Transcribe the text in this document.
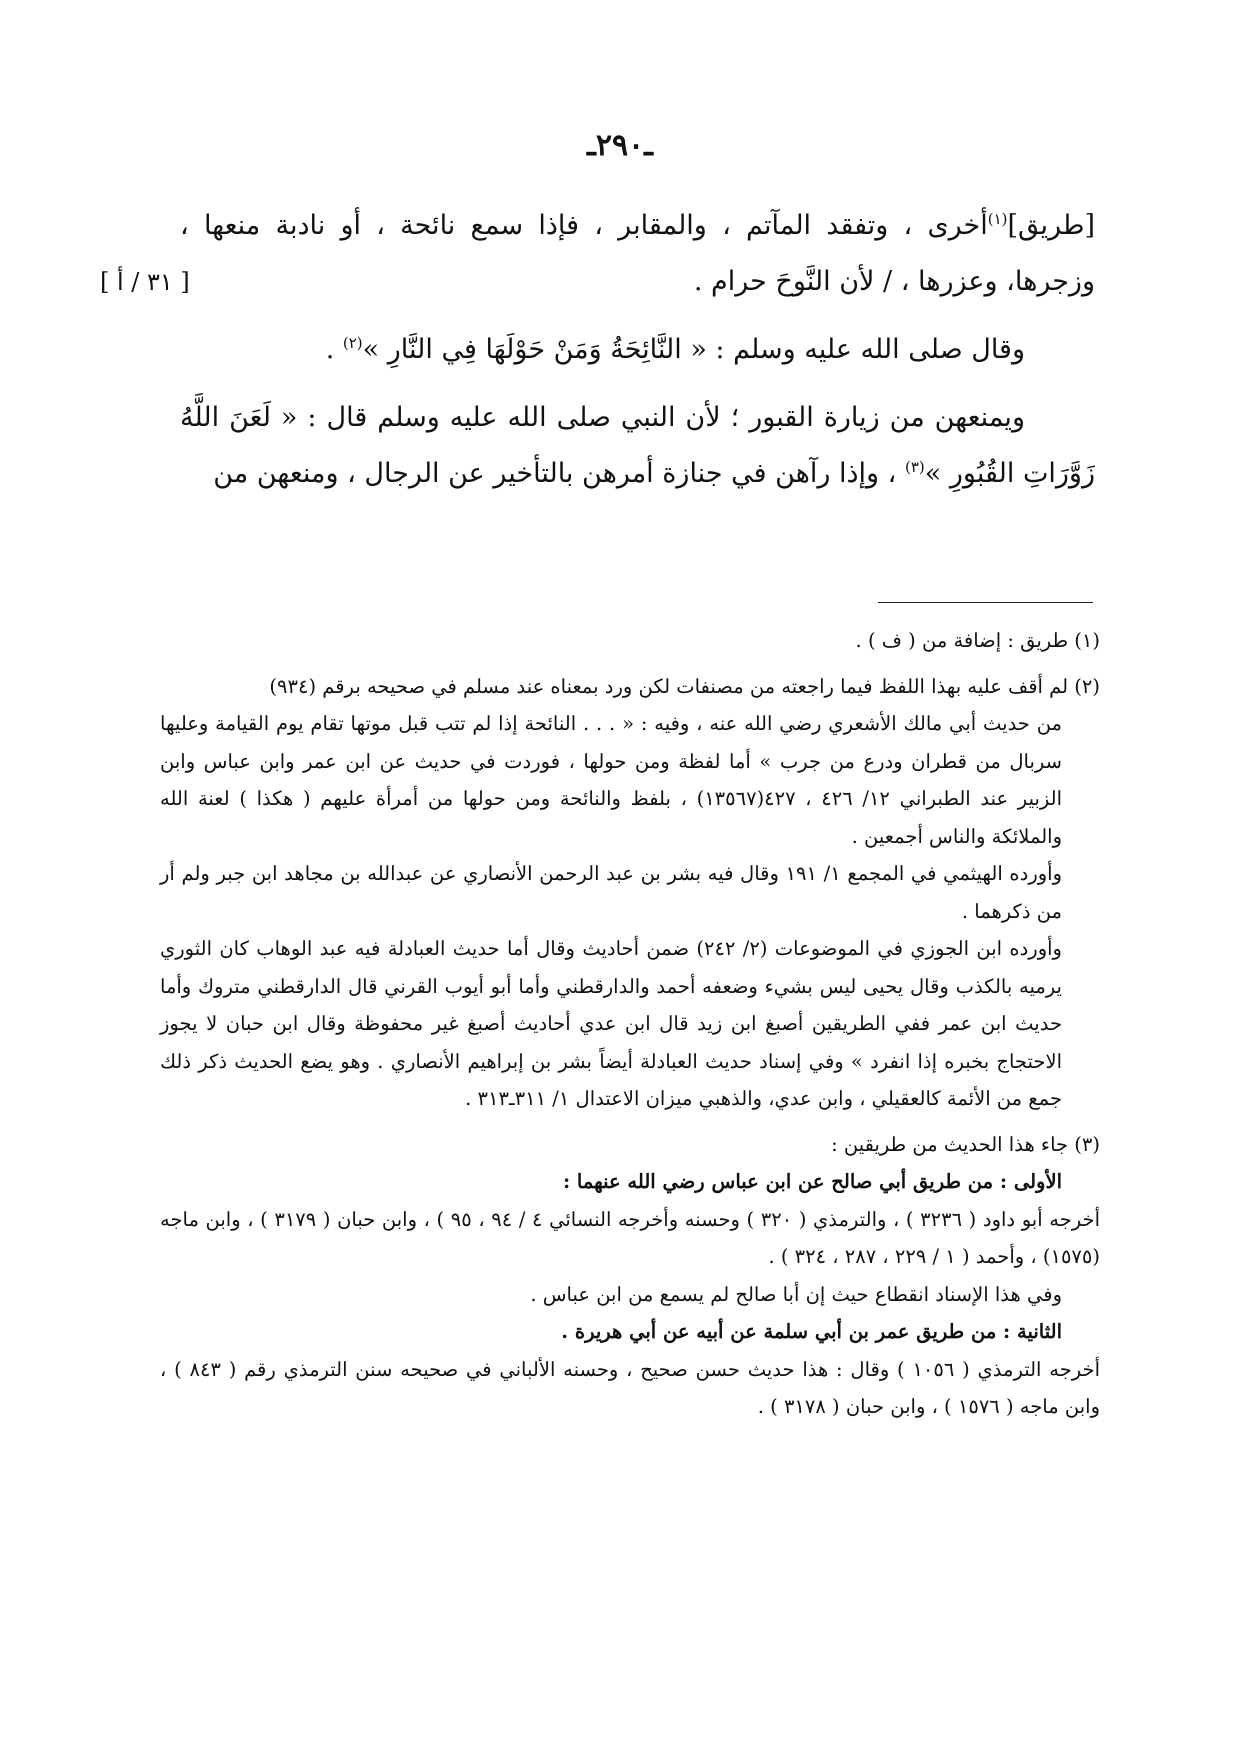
ـ٢٩٠ـ
[ ٣١ / أ ]

[طريق]$^{(١)}$أخرى ، وتفقد المآتم ، والمقابر ، فإذا سمع نائحة ، أو نادبة منعها ، وزجرها، وعزرها ، / لأن النَّوحَ حرام .

وقال صلى الله عليه وسلم : « النَّائِحَةُ وَمَنْ حَوْلَهَا فِي النَّارِ »$^{(٢)}$ .

ويمنعهن من زيارة القبور ؛ لأن النبي صلى الله عليه وسلم قال : « لَعَنَ اللَّهُ زَوَّرَاتِ القُبُورِ »$^{(٣)}$ ، وإذا رآهن في جنازة أمرهن بالتأخير عن الرجال ، ومنعهن من

(١) طريق : إضافة من ( ف ) .

(٢) لم أقف عليه بهذا اللفظ فيما راجعته من مصنفات لكن ورد بمعناه عند مسلم في صحيحه برقم (٩٣٤)

من حديث أبي مالك الأشعري رضي الله عنه ، وفيه : « . . . النائحة إذا لم تتب قبل موتها تقام يوم القيامة وعليها سربال من قطران ودرع من جرب » أما لفظة ومن حولها ، فوردت في حديث عن ابن عمر وابن عباس وابن الزبير عند الطبراني ١٢/ ٤٢٦ ، ٤٢٧(١٣٥٦٧) ، بلفظ والنائحة ومن حولها من أمرأة عليهم ( هكذا ) لعنة الله والملائكة والناس أجمعين .

وأورده الهيثمي في المجمع ١/ ١٩١ وقال فيه بشر بن عبد الرحمن الأنصاري عن عبدالله بن مجاهد ابن جبر ولم أر من ذكرهما .

وأورده ابن الجوزي في الموضوعات (٢/ ٢٤٢) ضمن أحاديث وقال أما حديث العبادلة فيه عبد الوهاب كان الثوري يرميه بالكذب وقال يحيى ليس بشيء وضعفه أحمد والدارقطني وأما أبو أيوب القرني قال الدارقطني متروك وأما حديث ابن عمر ففي الطريقين أصبغ ابن زيد قال ابن عدي أحاديث أصبغ غير محفوظة وقال ابن حبان لا يجوز الاحتجاج بخبره إذا انفرد » وفي إسناد حديث العبادلة أيضاً بشر بن إبراهيم الأنصاري . وهو يضع الحديث ذكر ذلك جمع من الأئمة كالعقيلي ، وابن عدي، والذهبي ميزان الاعتدال ١/ ٣١١ـ٣١٣ .

(٣) جاء هذا الحديث من طريقين :

الأولى : من طريق أبي صالح عن ابن عباس رضي الله عنهما :

أخرجه أبو داود ( ٣٢٣٦ ) ، والترمذي ( ٣٢٠ ) وحسنه وأخرجه النسائي ٤ / ٩٤ ، ٩٥ ) ، وابن حبان ( ٣١٧٩ ) ، وابن ماجه (١٥٧٥) ، وأحمد ( ١ / ٢٢٩ ، ٢٨٧ ، ٣٢٤ ) .

وفي هذا الإسناد انقطاع حيث إن أبا صالح لم يسمع من ابن عباس .

الثانية : من طريق عمر بن أبي سلمة عن أبيه عن أبي هريرة .

أخرجه الترمذي ( ١٠٥٦ ) وقال : هذا حديث حسن صحيح ، وحسنه الألباني في صحيحه سنن الترمذي رقم ( ٨٤٣ ) ، وابن ماجه ( ١٥٧٦ ) ، وابن حبان ( ٣١٧٨ ) .
